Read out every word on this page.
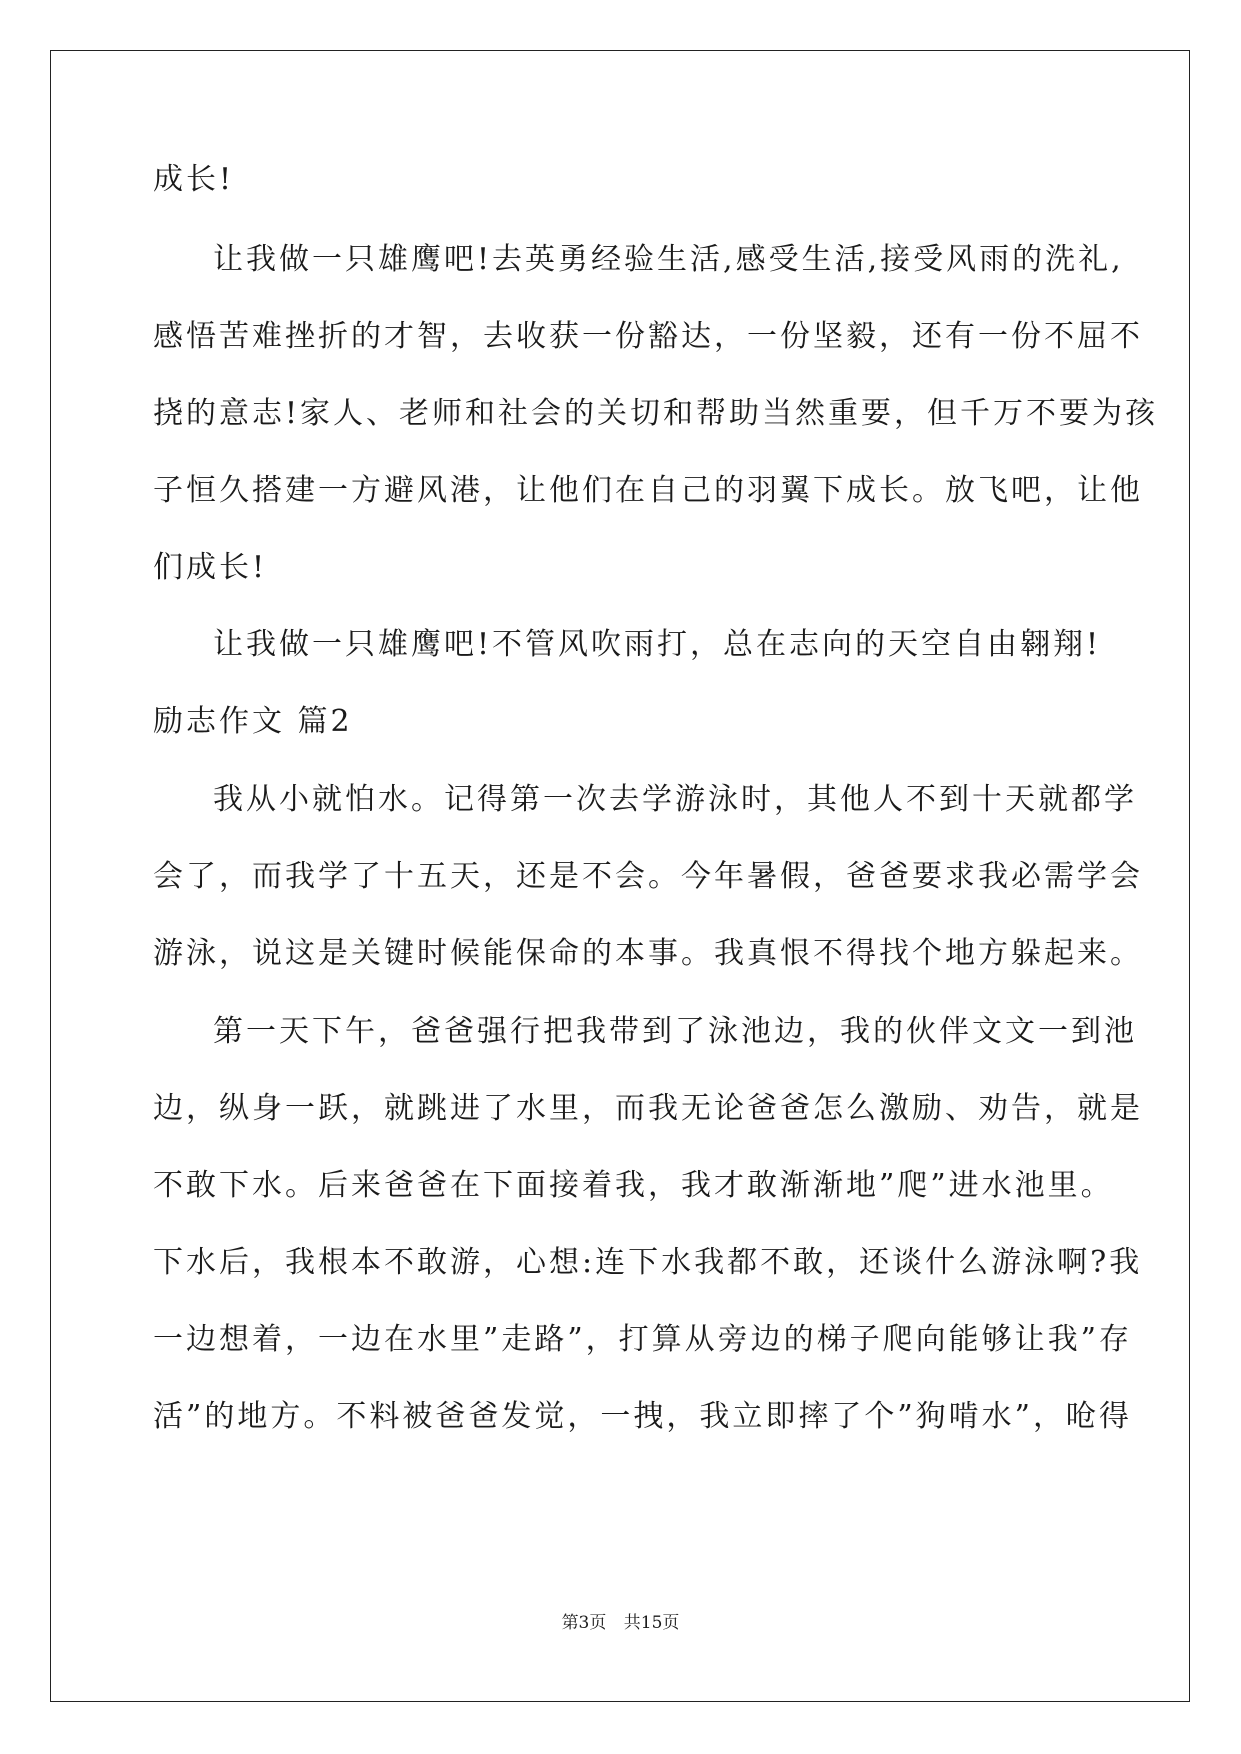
成长!
让我做一只雄鹰吧!去英勇经验生活,感受生活,接受风雨的洗礼,
感悟苦难挫折的才智，去收获一份豁达，一份坚毅，还有一份不屈不
挠的意志!家人、老师和社会的关切和帮助当然重要，但千万不要为孩
子恒久搭建一方避风港，让他们在自己的羽翼下成长。放飞吧，让他
们成长!
让我做一只雄鹰吧!不管风吹雨打，总在志向的天空自由翱翔!
励志作文 篇2
我从小就怕水。记得第一次去学游泳时，其他人不到十天就都学
会了，而我学了十五天，还是不会。今年暑假，爸爸要求我必需学会
游泳，说这是关键时候能保命的本事。我真恨不得找个地方躲起来。
第一天下午，爸爸强行把我带到了泳池边，我的伙伴文文一到池
边，纵身一跃，就跳进了水里，而我无论爸爸怎么激励、劝告，就是
不敢下水。后来爸爸在下面接着我，我才敢渐渐地”爬”进水池里。
下水后，我根本不敢游，心想:连下水我都不敢，还谈什么游泳啊?我
一边想着，一边在水里”走路”，打算从旁边的梯子爬向能够让我”存
活”的地方。不料被爸爸发觉，一拽，我立即摔了个”狗啃水”，呛得
第3页 共15页
